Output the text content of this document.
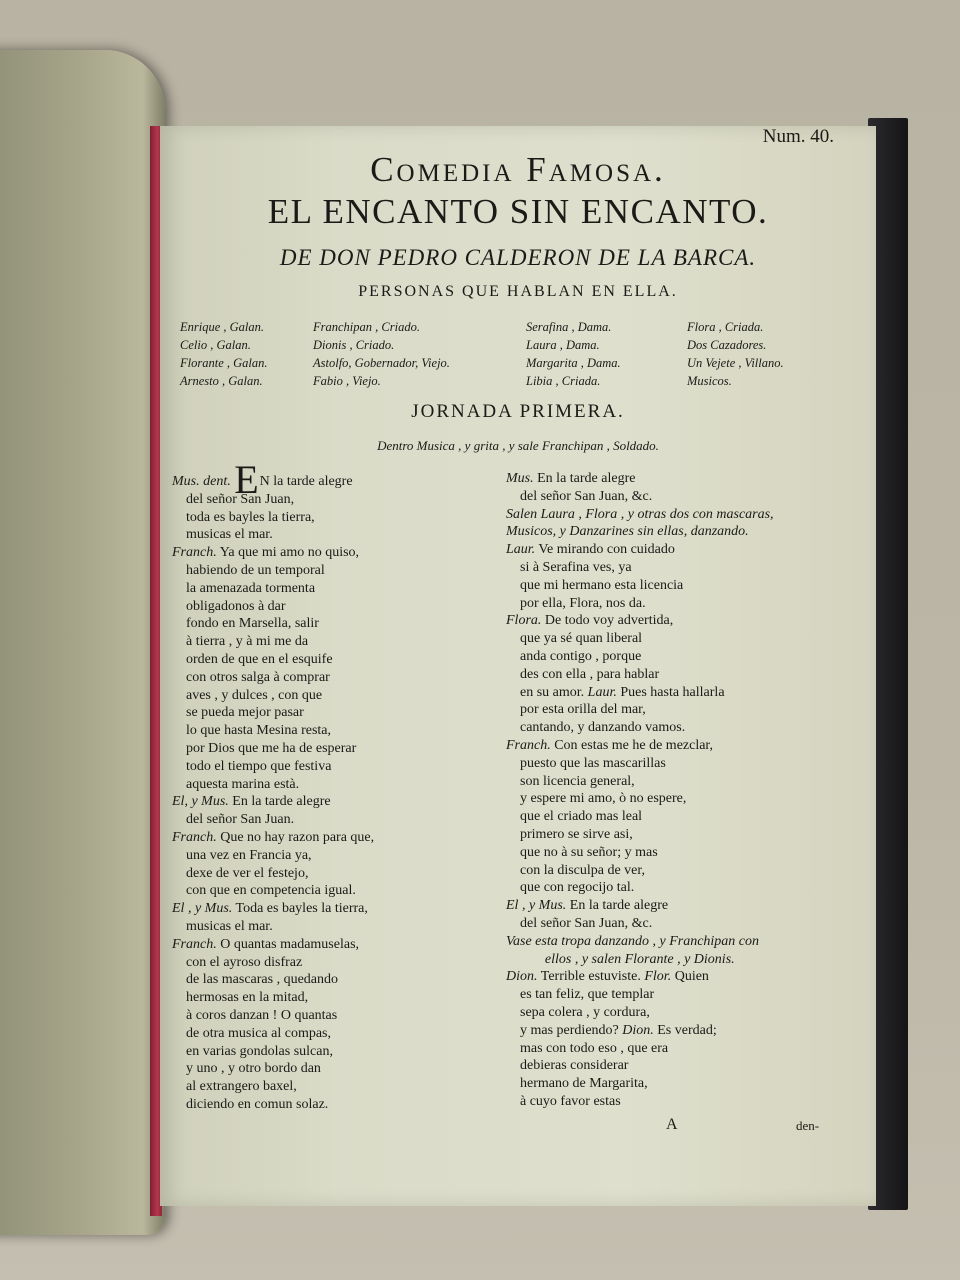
Num. 40.
Comedia Famosa.
EL ENCANTO SIN ENCANTO.
DE DON PEDRO CALDERON DE LA BARCA.
PERSONAS QUE HABLAN EN ELLA.
Enrique , Galan.
Celio , Galan.
Florante , Galan.
Arnesto , Galan.
Franchipan , Criado.
Dionis , Criado.
Astolfo, Gobernador, Viejo.
Fabio , Viejo.
Serafina , Dama.
Laura , Dama.
Margarita , Dama.
Libia , Criada.
Flora , Criada.
Dos Cazadores.
Un Vejete , Villano.
Musicos.
JORNADA PRIMERA.
Dentro Musica , y grita , y sale Franchipan , Soldado.
Mus. dent. EN la tarde alegre
del señor San Juan,
toda es bayles la tierra,
musicas el mar.
Franch. Ya que mi amo no quiso,
habiendo de un temporal
la amenazada tormenta
obligadonos à dar
fondo en Marsella, salir
à tierra , y à mi me da
orden de que en el esquife
con otros salga à comprar
aves , y dulces , con que
se pueda mejor pasar
lo que hasta Mesina resta,
por Dios que me ha de esperar
todo el tiempo que festiva
aquesta marina està.
El, y Mus. En la tarde alegre
del señor San Juan.
Franch. Que no hay razon para que,
una vez en Francia ya,
dexe de ver el festejo,
con que en competencia igual.
El , y Mus. Toda es bayles la tierra,
musicas el mar.
Franch. O quantas madamuselas,
con el ayroso disfraz
de las mascaras , quedando
hermosas en la mitad,
à coros danzan ! O quantas
de otra musica al compas,
en varias gondolas sulcan,
y uno , y otro bordo dan
al extrangero baxel,
diciendo en comun solaz.
Mus. En la tarde alegre
del señor San Juan, &c.
Salen Laura , Flora , y otras dos con mascaras,
Musicos, y Danzarines sin ellas, danzando.
Laur. Ve mirando con cuidado
si à Serafina ves, ya
que mi hermano esta licencia
por ella, Flora, nos da.
Flora. De todo voy advertida,
que ya sé quan liberal
anda contigo , porque
des con ella , para hablar
en su amor. Laur. Pues hasta hallarla
por esta orilla del mar,
cantando, y danzando vamos.
Franch. Con estas me he de mezclar,
puesto que las mascarillas
son licencia general,
y espere mi amo, ò no espere,
que el criado mas leal
primero se sirve asi,
que no à su señor; y mas
con la disculpa de ver,
que con regocijo tal.
El , y Mus. En la tarde alegre
del señor San Juan, &c.
Vase esta tropa danzando , y Franchipan con
ellos , y salen Florante , y Dionis.
Dion. Terrible estuviste. Flor. Quien
es tan feliz, que templar
sepa colera , y cordura,
y mas perdiendo? Dion. Es verdad;
mas con todo eso , que era
debieras considerar
hermano de Margarita,
à cuyo favor estas
A	den-
